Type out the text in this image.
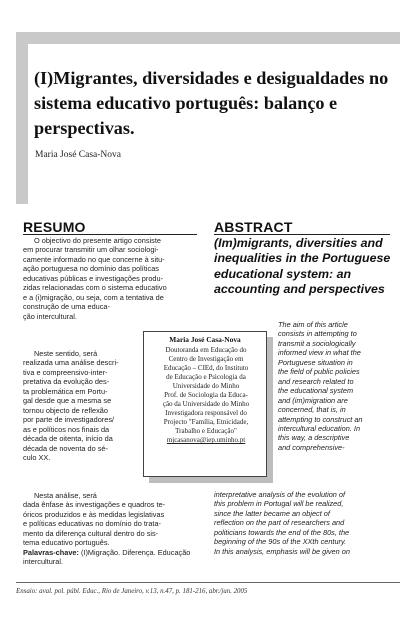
(I)Migrantes, diversidades e desigualdades no sistema educativo português: balanço e perspectivas.
Maria José Casa-Nova
RESUMO	ABSTRACT

(Im)migrants, diversities and inequalities in the Portuguese educational system: an accounting and perspectives

O objectivo do presente artigo consiste
em procurar transmitir um olhar sociologi-
camente informado no que concerne à situ-
ação portuguesa no domínio das políticas
educativas públicas e investigações produ-
zidas relacionadas com o sistema educativo
e a (i)migração, ou seja, com a tentativa de
construção de uma educa-
ção intercultural.

Neste sentido, será
realizada uma análise descri-
tiva e compreensivo-inter-
pretativa da evolução des-
ta problemática em Portu-
gal desde que a mesma se
tornou objecto de reflexão
por parte de investigadores/
as e políticos nos finais da
década de oitenta, início da
década de noventa do sé-
culo XX.

Nesta análise, será
dada ênfase às investigações e quadros te-
óricos produzidos e às medidas legislativas
e políticas educativas no domínio do trata-
mento da diferença cultural dentro do sis-
tema educativo português.

Palavras-chave: (I)Migração. Diferença. Educação intercultural.

Maria José Casa-Nova

Doutoranda em Educação do
Centro de Investigação em
Educação – CIEd, do Instituto
de Educação e Psicologia da
Universidade do Minho
Prof. de Sociologia da Educa-
ção da Universidade do Minho
Investigadora responsável do
Projecto "Família, Etnicidade,
Trabalho e Educação"
mjcasanova@iep.uminho.pt

The aim of this article
consists in attempting to
transmit a sociologically
informed view in what the
Portuguese situation in
the field of public policies
and research related to
the educational system
and (im)migration are
concerned, that is, in
attempting to construct an
intercultural education. In
this way, a descriptive
and comprehensive-

interpretative analysis of the evolution of
this problem in Portugal will be realized,
since the latter became an object of
reflection on the part of researchers and
politicians towards the end of the 80s, the
beginning of the 90s of the XXth century.
In this analysis, emphasis will be given on

Ensaio: aval. pol. públ. Educ., Rio de Janeiro, v.13, n.47, p. 181-216, abr./jun. 2005
